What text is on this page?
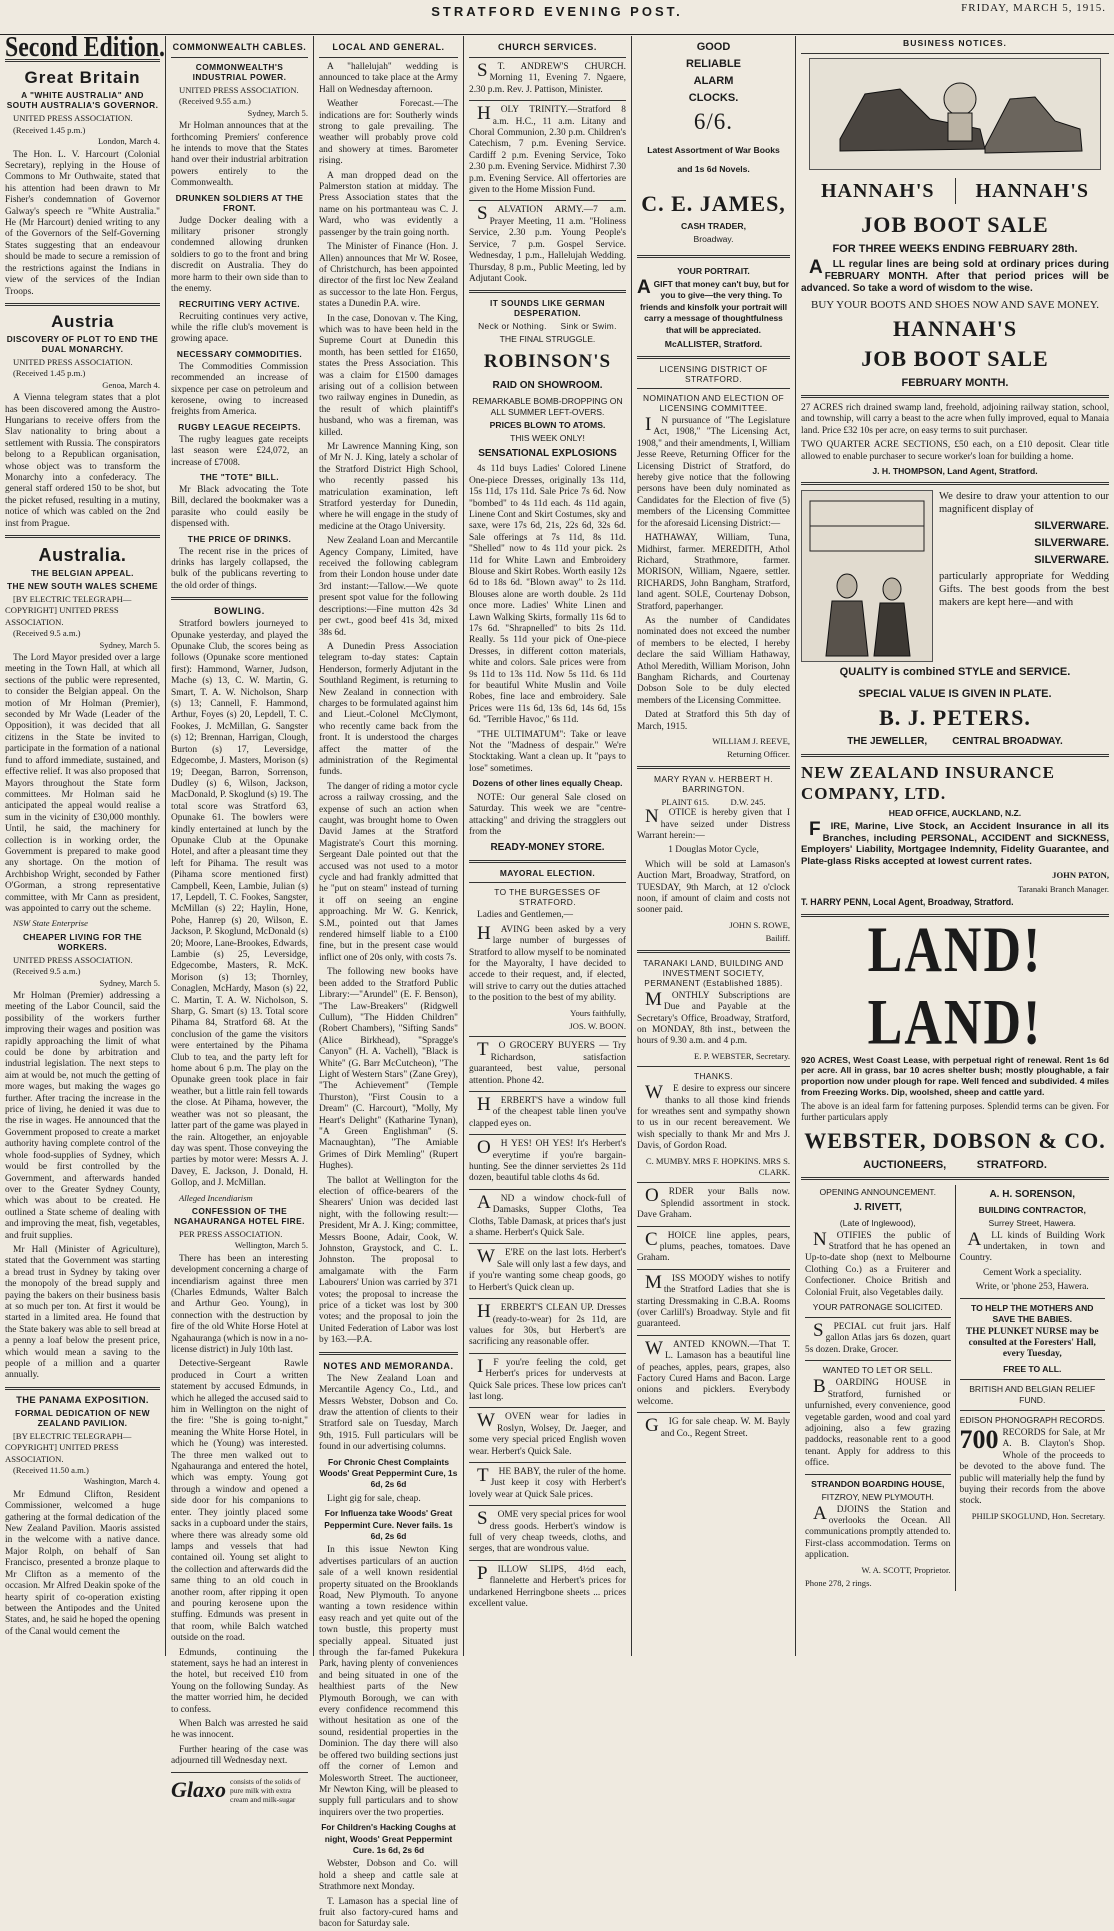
STRATFORD EVENING POST.	FRIDAY, MARCH 5, 1915.
Second Edition.
Great Britain
A "WHITE AUSTRALIA" AND SOUTH AUSTRALIA'S GOVERNOR.
UNITED PRESS ASSOCIATION.
(Received 1.45 p.m.)
London, March 4.

The Hon. L. V. Harcourt (Colonial Secretary), replying in the House of Commons to Mr Outhwaite, stated that his attention had been drawn to Mr Fisher's condemnation of Governor Galway's speech re "White Australia." He (Mr Harcourt) denied writing to any of the Governors of the Self-Governing States suggesting that an endeavour should be made to secure a remission of the restrictions against the Indians in view of the services of the Indian Troops.

Austria
DISCOVERY OF PLOT TO END THE DUAL MONARCHY.
UNITED PRESS ASSOCIATION.
(Received 1.45 p.m.)
Genoa, March 4.

A Vienna telegram states that a plot has been discovered among the Austro-Hungarians to receive offers from the Slav nationality to bring about a settlement with Russia. The conspirators belong to a Republican organisation, whose object was to transform the Monarchy into a confederacy. The general staff ordered 150 to be shot, but the picket refused, resulting in a mutiny, notice of which was cabled on the 2nd inst from Prague.

Australia.
THE BELGIAN APPEAL.
THE NEW SOUTH WALES SCHEME
[BY ELECTRIC TELEGRAPH—COPYRIGHT] UNITED PRESS ASSOCIATION.
(Received 9.5 a.m.)
Sydney, March 5.

The Lord Mayor presided over a large meeting in the Town Hall, at which all sections of the public were represented, to consider the Belgian appeal. On the motion of Mr Holman (Premier), seconded by Mr Wade (Leader of the Opposition), it was decided that all citizens in the State be invited to participate in the formation of a national fund to afford immediate, sustained, and effective relief. It was also proposed that Mayors throughout the State form committees. Mr Holman said he anticipated the appeal would realise a sum in the vicinity of £30,000 monthly. Until, he said, the machinery for collection is in working order, the Government is prepared to make good any shortage. On the motion of Archbishop Wright, seconded by Father O'Gorman, a strong representative committee, with Mr Cann as president, was appointed to carry out the scheme.

NSW State Enterprise
CHEAPER LIVING FOR THE WORKERS.
UNITED PRESS ASSOCIATION.
(Received 9.5 a.m.)
Sydney, March 5.

Mr Holman (Premier) addressing a meeting of the Labor Council, said the possibility of the workers further improving their wages and position was rapidly approaching the limit of what could be done by arbitration and industrial legislation. The next steps to aim at would be, not much the getting of more wages, but making the wages go further. After tracing the increase in the price of living, he denied it was due to the rise in wages. He announced that the Government proposed to create a market authority having complete control of the whole food-supplies of Sydney, which would be first controlled by the Government, and afterwards handed over to the Greater Sydney County, which was about to be created. He outlined a State scheme of dealing with and improving the meat, fish, vegetables, and fruit supplies.

Mr Hall (Minister of Agriculture), stated that the Government was starting a bread trust in Sydney by taking over the monopoly of the bread supply and paying the bakers on their business basis at so much per ton. At first it would be started in a limited area. He found that the State bakery was able to sell bread at a penny a loaf below the present price, which would mean a saving to the people of a million and a quarter annually.

THE PANAMA EXPOSITION.
FORMAL DEDICATION OF NEW ZEALAND PAVILION.
[BY ELECTRIC TELEGRAPH—COPYRIGHT] UNITED PRESS ASSOCIATION.
(Received 11.50 a.m.)
Washington, March 4.

Mr Edmund Clifton, Resident Commissioner, welcomed a huge gathering at the formal dedication of the New Zealand Pavilion. Maoris assisted in the welcome with a native dance. Major Rolph, on behalf of San Francisco, presented a bronze plaque to Mr Clifton as a memento of the occasion. Mr Alfred Deakin spoke of the hearty spirit of co-operation existing between the Antipodes and the United States, and, he said he hoped the opening of the Canal would cement the

COMMONWEALTH CABLES.
COMMONWEALTH'S INDUSTRIAL POWER.
UNITED PRESS ASSOCIATION.
(Received 9.55 a.m.)
Sydney, March 5.

Mr Holman announces that at the forthcoming Premiers' conference he intends to move that the States hand over their industrial arbitration powers entirely to the Commonwealth.

DRUNKEN SOLDIERS AT THE FRONT.

Judge Docker dealing with a military prisoner strongly condemned allowing drunken soldiers to go to the front and bring discredit on Australia. They do more harm to their own side than to the enemy.

RECRUITING VERY ACTIVE.

Recruiting continues very active, while the rifle club's movement is growing apace.

NECESSARY COMMODITIES.

The Commodities Commission recommended an increase of sixpence per case on petroleum and kerosene, owing to increased freights from America.

RUGBY LEAGUE RECEIPTS.

The rugby leagues gate receipts last season were £24,072, an increase of £7008.

THE "TOTE" BILL.

Mr Black advocating the Tote Bill, declared the bookmaker was a parasite who could easily be dispensed with.

THE PRICE OF DRINKS.

The recent rise in the prices of drinks has largely collapsed, the bulk of the publicans reverting to the old order of things.

BOWLING.

Stratford bowlers journeyed to Opunake yesterday, and played the Opunake Club, the scores being as follows (Opunake score mentioned first): Hammond, Warner, Judson, Mache (s) 13, C. W. Martin, G. Smart, T. A. W. Nicholson, Sharp (s) 13; Cannell, F. Hammond, Arthur, Foyes (s) 20, Lepdell, T. C. Fookes, J. McMillan, G. Sangster (s) 12; Brennan, Harrigan, Clough, Burton (s) 17, Leversidge, Edgecombe, J. Masters, Morison (s) 19; Deegan, Barron, Sorrenson, Dudley (s) 6, Wilson, Jackson, MacDonald, P. Skoglund (s) 19. The total score was Stratford 63, Opunake 61. The bowlers were kindly entertained at lunch by the Opunake Club at the Opunake Hotel, and after a pleasant time they left for Pihama. The result was (Pihama score mentioned first) Campbell, Keen, Lambie, Julian (s) 17, Lepdell, T. C. Fookes, Sangster, McMillan (s) 22; Haylin, Hone, Pohe, Hanrep (s) 20, Wilson, E. Jackson, P. Skoglund, McDonald (s) 20; Moore, Lane-Brookes, Edwards, Lambie (s) 25, Leversidge, Edgecombe, Masters, R. McK. Morison (s) 13; Thornley, Conaglen, McHardy, Mason (s) 22, C. Martin, T. A. W. Nicholson, S. Sharp, G. Smart (s) 13. Total score Pihama 84, Stratford 68. At the conclusion of the game the visitors were entertained by the Pihama Club to tea, and the party left for home about 6 p.m. The play on the Opunake green took place in fair weather, but a little rain fell towards the close. At Pihama, however, the weather was not so pleasant, the latter part of the game was played in the rain. Altogether, an enjoyable day was spent. Those conveying the parties by motor were: Messrs A. J. Davey, E. Jackson, J. Donald, H. Gollop, and J. McMillan.

Alleged Incendiarism
CONFESSION OF THE NGAHAURANGA HOTEL FIRE.
PER PRESS ASSOCIATION.
Wellington, March 5.

There has been an interesting development concerning a charge of incendiarism against three men (Charles Edmunds, Walter Balch and Arthur Geo. Young), in connection with the destruction by fire of the old White Horse Hotel at Ngahauranga (which is now in a no-license district) in July 10th last.

Detective-Sergeant Rawle produced in Court a written statement by accused Edmunds, in which he alleged the accused said to him in Wellington on the night of the fire: "She is going to-night," meaning the White Horse Hotel, in which he (Young) was interested. The three men walked out to Ngahauranga and entered the hotel, which was empty. Young got through a window and opened a side door for his companions to enter. They jointly placed some sacks in a cupboard under the stairs, where there was already some old lamps and vessels that had contained oil. Young set alight to the collection and afterwards did the same thing to an old couch in another room, after ripping it open and pouring kerosene upon the stuffing. Edmunds was present in that room, while Balch watched outside on the road.

Edmunds, continuing the statement, says he had an interest in the hotel, but received £10 from Young on the following Sunday. As the matter worried him, he decided to confess.

When Balch was arrested he said he was innocent.

Further hearing of the case was adjourned till Wednesday next.

Glaxo consists of the solids of pure milk with extra cream and milk-sugar
LOCAL AND GENERAL.

A "hallelujah" wedding is announced to take place at the Army Hall on Wednesday afternoon.

Weather Forecast.—The indications are for: Southerly winds strong to gale prevailing. The weather will probably prove cold and showery at times. Barometer rising.

A man dropped dead on the Palmerston station at midday. The Press Association states that the name on his portmanteau was C. J. Ward, who was evidently a passenger by the train going north.

The Minister of Finance (Hon. J. Allen) announces that Mr W. Rosee, of Christchurch, has been appointed director of the first loc New Zealand as successor to the late Hon. Fergus, states a Dunedin P.A. wire.

In the case, Donovan v. The King, which was to have been held in the Supreme Court at Dunedin this month, has been settled for £1650, states the Press Association. This was a claim for £1500 damages arising out of a collision between two railway engines in Dunedin, as the result of which plaintiff's husband, who was a fireman, was killed.

Mr Lawrence Manning King, son of Mr N. J. King, lately a scholar of the Stratford District High School, who recently passed his matriculation examination, left Stratford yesterday for Dunedin, where he will engage in the study of medicine at the Otago University.

New Zealand Loan and Mercantile Agency Company, Limited, have received the following cablegram from their London house under date 3rd instant:—Tallow.—We quote present spot value for the following descriptions:—Fine mutton 42s 3d per cwt., good beef 41s 3d, mixed 38s 6d.

A Dunedin Press Association telegram to-day states: Captain Henderson, formerly Adjutant in the Southland Regiment, is returning to New Zealand in connection with charges to be formulated against him and Lieut.-Colonel McClymont, who recently came back from the front. It is understood the charges affect the matter of the administration of the Regimental funds.

The danger of riding a motor cycle across a railway crossing, and the expense of such an action when caught, was brought home to Owen David James at the Stratford Magistrate's Court this morning. Sergeant Dale pointed out that the accused was not used to a motor cycle and had frankly admitted that he "put on steam" instead of turning it off on seeing an engine approaching. Mr W. G. Kenrick, S.M., pointed out that James rendered himself liable to a £100 fine, but in the present case would inflict one of 20s only, with costs 7s.

The following new books have been added to the Stratford Public Library:—"Arundel" (E. F. Benson), "The Law-Breakers" (Ridgwell Cullum), "The Hidden Children" (Robert Chambers), "Sifting Sands" (Alice Birkhead), "Spragge's Canyon" (H. A. Vachell), "Black is White" (G. Barr McCutcheon), "The Light of Western Stars" (Zane Grey), "The Achievement" (Temple Thurston), "First Cousin to a Dream" (C. Harcourt), "Molly, My Heart's Delight" (Katharine Tynan), "A Green Englishman" (S. Macnaughtan), "The Amiable Grimes of Dirk Memling" (Rupert Hughes).

The ballot at Wellington for the election of office-bearers of the Shearers' Union was decided last night, with the following result:—President, Mr A. J. King; committee, Messrs Boone, Adair, Cook, W. Johnston, Graystock, and C. L. Johnston. The proposal to amalgamate with the Farm Labourers' Union was carried by 371 votes; the proposal to increase the price of a ticket was lost by 300 votes; and the proposal to join the United Federation of Labor was lost by 163.—P.A.

NOTES AND MEMORANDA.

The New Zealand Loan and Mercantile Agency Co., Ltd., and Messrs Webster, Dobson and Co. draw the attention of clients to their Stratford sale on Tuesday, March 9th, 1915. Full particulars will be found in our advertising columns.

For Chronic Chest Complaints Woods' Great Peppermint Cure, 1s 6d, 2s 6d

Light gig for sale, cheap.

For Influenza take Woods' Great Peppermint Cure. Never fails. 1s 6d, 2s 6d

In this issue Newton King advertises particulars of an auction sale of a well known residential property situated on the Brooklands Road, New Plymouth. To anyone wanting a town residence within easy reach and yet quite out of the town bustle, this property must specially appeal. Situated just through the far-famed Pukekura Park, having plenty of conveniences and being situated in one of the healthiest parts of the New Plymouth Borough, we can with every confidence recommend this without hesitation as one of the sound, residential properties in the Dominion. The day there will also be offered two building sections just off the corner of Lemon and Molesworth Street. The auctioneer, Mr Newton King, will be pleased to supply full particulars and to show inquirers over the two properties.

For Children's Hacking Coughs at night, Woods' Great Peppermint Cure. 1s 6d, 2s 6d

Webster, Dobson and Co. will hold a sheep and cattle sale at Strathmore next Monday.

T. Lamason has a special line of fruit also factory-cured hams and bacon for Saturday sale.

CHURCH SERVICES.

ST. ANDREW'S CHURCH. Morning 11, Evening 7. Ngaere, 2.30 p.m. Rev. J. Pattison, Minister.

HOLY TRINITY.—Stratford 8 a.m. H.C., 11 a.m. Litany and Choral Communion, 2.30 p.m. Children's Catechism, 7 p.m. Evening Service. Cardiff 2 p.m. Evening Service, Toko 2.30 p.m. Evening Service. Midhirst 7.30 p.m. Evening Service. All offertories are given to the Home Mission Fund.

SALVATION ARMY.—7 a.m. Prayer Meeting, 11 a.m. "Holiness Service, 2.30 p.m. Young People's Service, 7 p.m. Gospel Service. Wednesday, 1 p.m., Hallelujah Wedding. Thursday, 8 p.m., Public Meeting, led by Adjutant Cook.

IT SOUNDS LIKE GERMAN DESPERATION.
Neck or Nothing.     Sink or Swim.
THE FINAL STRUGGLE.
ROBINSON'S
RAID ON SHOWROOM.
REMARKABLE BOMB-DROPPING ON ALL SUMMER LEFT-OVERS.
PRICES BLOWN TO ATOMS.
THIS WEEK ONLY!
SENSATIONAL EXPLOSIONS

4s 11d buys Ladies' Colored Linene One-piece Dresses, originally 13s 11d, 15s 11d, 17s 11d. Sale Price 7s 6d. Now "bombed" to 4s 11d each. 4s 11d again, Linene Cont and Skirt Costumes, sky and saxe, were 17s 6d, 21s, 22s 6d, 32s 6d. Sale offerings at 7s 11d, 8s 11d. "Shelled" now to 4s 11d your pick. 2s 11d for White Lawn and Embroidery Blouse and Skirt Robes. Worth easily 12s 6d to 18s 6d. "Blown away" to 2s 11d. Blouses alone are worth double. 2s 11d once more. Ladies' White Linen and Lawn Walking Skirts, formally 11s 6d to 17s 6d. "Shrapnelled" to bits 2s 11d. Really. 5s 11d your pick of One-piece Dresses, in different cotton materials, white and colors. Sale prices were from 9s 11d to 13s 11d. Now 5s 11d. 6s 11d for beautiful White Muslin and Voile Robes, fine lace and embroidery. Sale Prices were 11s 6d, 13s 6d, 14s 6d, 15s 6d. "Terrible Havoc," 6s 11d.

"THE ULTIMATUM": Take or leave Not the "Madness of despair." We're Stocktaking. Want a clean up. It "pays to lose" sometimes.

Dozens of other lines equally Cheap.

NOTE: Our general Sale closed on Saturday. This week we are "centre-attacking" and driving the stragglers out from the

READY-MONEY STORE.
MAYORAL ELECTION.
TO THE BURGESSES OF STRATFORD.

Ladies and Gentlemen,—

HAVING been asked by a very large number of burgesses of Stratford to allow myself to be nominated for the Mayoralty, I have decided to accede to their request, and, if elected, will strive to carry out the duties attached to the position to the best of my ability.

Yours faithfully,

JOS. W. BOON.

TO GROCERY BUYERS — Try Richardson, satisfaction guaranteed, best value, personal attention. Phone 42.

HERBERT'S have a window full of the cheapest table linen you've clapped eyes on.

OH YES! OH YES! It's Herbert's everytime if you're bargain-hunting. See the dinner serviettes 2s 11d dozen, beautiful table cloths 4s 6d.

AND a window chock-full of Damasks, Supper Cloths, Tea Cloths, Table Damask, at prices that's just a shame. Herbert's Quick Sale.

WE'RE on the last lots. Herbert's Sale will only last a few days, and if you're wanting some cheap goods, go to Herbert's Quick clean up.

HERBERT'S CLEAN UP. Dresses (ready-to-wear) for 2s 11d, are values for 30s, but Herbert's are sacrificing any reasonable offer.

IF you're feeling the cold, get Herbert's prices for undervests at Quick Sale prices. These low prices can't last long.

WOVEN wear for ladies in Roslyn, Wolsey, Dr. Jaeger, and some very special priced English woven wear. Herbert's Quick Sale.

THE BABY, the ruler of the home. Just keep it cosy with Herbert's lovely wear at Quick Sale prices.

SOME very special prices for wool dress goods. Herbert's window is full of very cheap tweeds, cloths, and serges, that are wondrous value.

PILLOW SLIPS, 4½d each, flannelette and Herbert's prices for undarkened Herringbone sheets ... prices excellent value.

GOOD
RELIABLE
ALARM
CLOCKS.
6/6.
Latest Assortment of War Books
and 1s 6d Novels.
C. E. JAMES,
CASH TRADER,
Broadway.
YOUR PORTRAIT.

AGIFT that money can't buy, but for you to give—the very thing. To friends and kinsfolk your portrait will carry a message of thoughtfulness that will be appreciated.

McALLISTER, Stratford.
LICENSING DISTRICT OF STRATFORD.
NOMINATION AND ELECTION OF LICENSING COMMITTEE.

IN pursuance of "The Legislature Act, 1908," "The Licensing Act, 1908," and their amendments, I, William Jesse Reeve, Returning Officer for the Licensing District of Stratford, do hereby give notice that the following persons have been duly nominated as Candidates for the Election of five (5) members of the Licensing Committee for the aforesaid Licensing District:—

HATHAWAY, William, Tuna, Midhirst, farmer. MEREDITH, Athol Richard, Strathmore, farmer. MORISON, William, Ngaere, settler. RICHARDS, John Bangham, Stratford, land agent. SOLE, Courtenay Dobson, Stratford, paperhanger.

As the number of Candidates nominated does not exceed the number of members to be elected, I hereby declare the said William Hathaway, Athol Meredith, William Morison, John Bangham Richards, and Courtenay Dobson Sole to be duly elected members of the Licensing Committee.

Dated at Stratford this 5th day of March, 1915.

WILLIAM J. REEVE,

Returning Officer.

MARY RYAN v. HERBERT H. BARRINGTON.
PLAINT 615.          D.W. 245.

NOTICE is hereby given that I have seized under Distress Warrant herein:—

1 Douglas Motor Cycle,

Which will be sold at Lamason's Auction Mart, Broadway, Stratford, on TUESDAY, 9th March, at 12 o'clock noon, if amount of claim and costs not sooner paid.

JOHN S. ROWE,

Bailiff.

TARANAKI LAND, BUILDING AND INVESTMENT SOCIETY, PERMANENT (Established 1885).

MONTHLY Subscriptions are Due and Payable at the Secretary's Office, Broadway, Stratford, on MONDAY, 8th inst., between the hours of 9.30 a.m. and 4 p.m.

E. P. WEBSTER, Secretary.

THANKS.

WE desire to express our sincere thanks to all those kind friends for wreathes sent and sympathy shown to us in our recent bereavement. We wish specially to thank Mr and Mrs J. Davis, of Gordon Road.

C. MUMBY. MRS F. HOPKINS. MRS S. CLARK.

ORDER your Balls now. Splendid assortment in stock. Dave Graham.

CHOICE line apples, pears, plums, peaches, tomatoes. Dave Graham.

MISS MOODY wishes to notify the Stratford Ladies that she is starting Dressmaking in C.B.A. Rooms (over Carlill's) Broadway. Style and fit guaranteed.

WANTED KNOWN.—That T. L. Lamason has a beautiful line of peaches, apples, pears, grapes, also Factory Cured Hams and Bacon. Large onions and picklers. Everybody welcome.

GIG for sale cheap. W. M. Bayly and Co., Regent Street.

BUSINESS NOTICES.
HANNAH'S	HANNAH'S
JOB BOOT SALE
FOR THREE WEEKS ENDING FEBRUARY 28th.

ALL regular lines are being sold at ordinary prices during FEBRUARY MONTH. After that period prices will be advanced. So take a word of wisdom to the wise.

BUY YOUR BOOTS AND SHOES NOW AND SAVE MONEY.
HANNAH'S
JOB BOOT SALE
FEBRUARY MONTH.

27 ACRES rich drained swamp land, freehold, adjoining railway station, school, and township, will carry a beast to the acre when fully improved, equal to Manaia land. Price £32 10s per acre, on easy terms to suit purchaser.

TWO QUARTER ACRE SECTIONS, £50 each, on a £10 deposit. Clear title allowed to enable purchaser to secure worker's loan for building a home.

J. H. THOMPSON, Land Agent, Stratford.

We desire to draw your attention to our magnificent display of

SILVERWARE.
SILVERWARE.
SILVERWARE.

particularly appropriate for Wedding Gifts. The best goods from the best makers are kept here—and with

QUALITY is combined STYLE and SERVICE.
SPECIAL VALUE IS GIVEN IN PLATE.
B. J. PETERS.
THE JEWELLER,         CENTRAL BROADWAY.
NEW ZEALAND INSURANCE COMPANY, LTD.
HEAD OFFICE, AUCKLAND, N.Z.

FIRE, Marine, Live Stock, an Accident Insurance in all its Branches, including PERSONAL, ACCIDENT and SICKNESS, Employers' Liability, Mortgagee Indemnity, Fidelity Guarantee, and Plate-glass Risks accepted at lowest current rates.

JOHN PATON,

Taranaki Branch Manager.

T. HARRY PENN, Local Agent, Broadway, Stratford.

LAND! LAND!

920 ACRES, West Coast Lease, with perpetual right of renewal. Rent 1s 6d per acre. All in grass, bar 10 acres shelter bush; mostly ploughable, a fair proportion now under plough for rape. Well fenced and subdivided. 4 miles from Freezing Works. Dip, woolshed, sheep and cattle yard.

The above is an ideal farm for fattening purposes. Splendid terms can be given. For further particulars apply

WEBSTER, DOBSON & CO.
AUCTIONEERS,          STRATFORD.
OPENING ANNOUNCEMENT.
J. RIVETT,
(Late of Inglewood),

NOTIFIES the public of Stratford that he has opened an Up-to-date shop (next to Melbourne Clothing Co.) as a Fruiterer and Confectioner. Choice British and Colonial Fruit, also Vegetables daily.

YOUR PATRONAGE SOLICITED.

SPECIAL cut fruit jars. Half gallon Atlas jars 6s dozen, quart 5s dozen. Drake, Grocer.

WANTED TO LET OR SELL.

BOARDING HOUSE in Stratford, furnished or unfurnished, every convenience, good vegetable garden, wood and coal yard adjoining, also a few grazing paddocks, reasonable rent to a good tenant. Apply for address to this office.

STRANDON BOARDING HOUSE,
FITZROY, NEW PLYMOUTH.

ADJOINS the Station and overlooks the Ocean. All communications promptly attended to. First-class accommodation. Terms on application.

W. A. SCOTT, Proprietor.

Phone 278, 2 rings.

A. H. SORENSON,
BUILDING CONTRACTOR,
Surrey Street, Hawera.

ALL kinds of Building Work undertaken, in town and Country.

Cement Work a speciality.

Write, or 'phone 253, Hawera.

TO HELP THE MOTHERS AND SAVE THE BABIES.

THE PLUNKET NURSE may be consulted at the Foresters' Hall, every Tuesday,

FREE TO ALL.
BRITISH AND BELGIAN RELIEF FUND.
EDISON PHONOGRAPH RECORDS.

700 RECORDS for Sale, at Mr A. B. Clayton's Shop. Whole of the proceeds to be devoted to the above fund. The public will materially help the fund by buying their records from the above stock.

PHILIP SKOGLUND, Hon. Secretary.
